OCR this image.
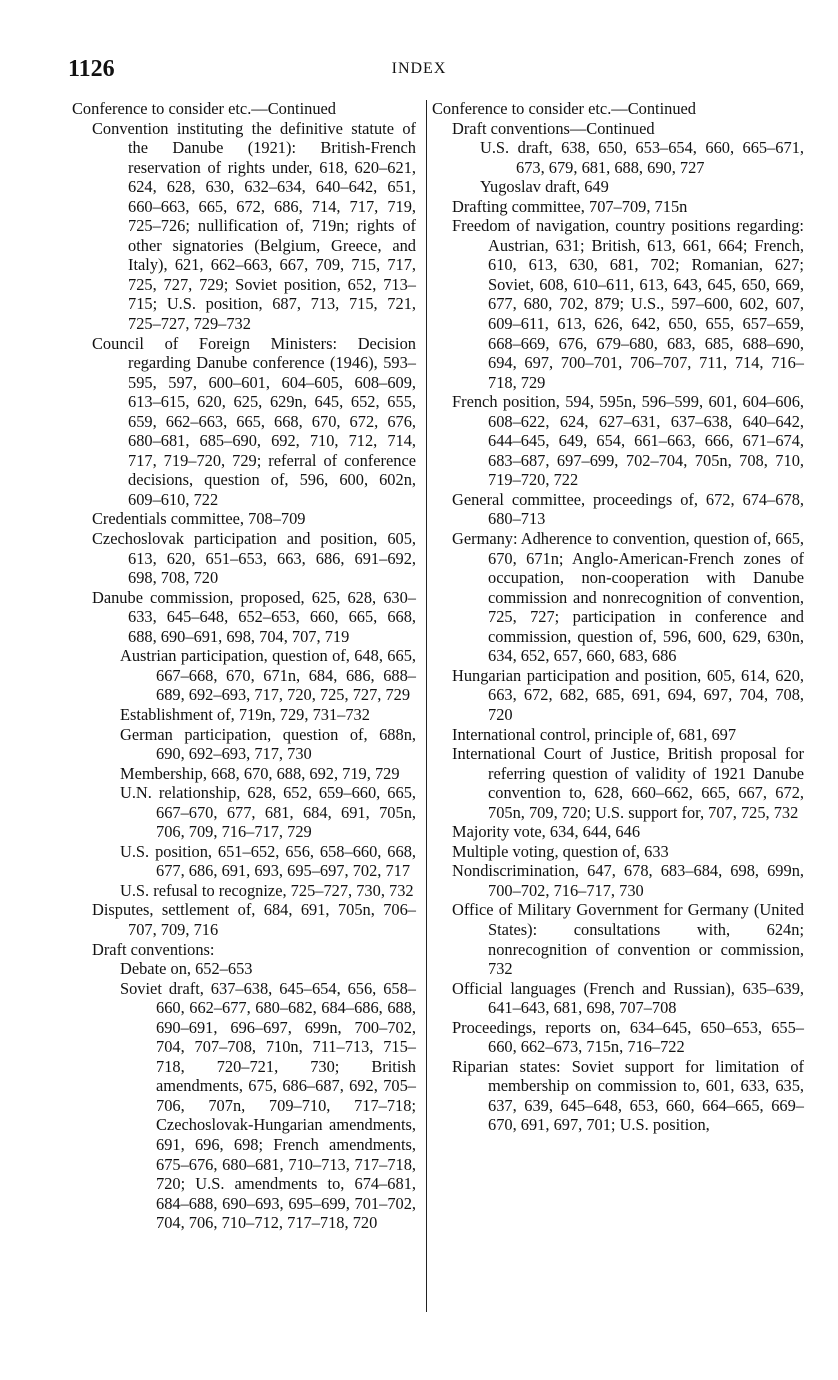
1126	INDEX
Conference to consider etc.—Continued
Convention instituting the definitive statute of the Danube (1921): British-French reservation of rights under, 618, 620–621, 624, 628, 630, 632–634, 640–642, 651, 660–663, 665, 672, 686, 714, 717, 719, 725–726; nullification of, 719n; rights of other signatories (Belgium, Greece, and Italy), 621, 662–663, 667, 709, 715, 717, 725, 727, 729; Soviet position, 652, 713–715; U.S. position, 687, 713, 715, 721, 725–727, 729–732
Council of Foreign Ministers: Decision regarding Danube conference (1946), 593–595, 597, 600–601, 604–605, 608–609, 613–615, 620, 625, 629n, 645, 652, 655, 659, 662–663, 665, 668, 670, 672, 676, 680–681, 685–690, 692, 710, 712, 714, 717, 719–720, 729; referral of conference decisions, question of, 596, 600, 602n, 609–610, 722
Credentials committee, 708–709
Czechoslovak participation and position, 605, 613, 620, 651–653, 663, 686, 691–692, 698, 708, 720
Danube commission, proposed, 625, 628, 630–633, 645–648, 652–653, 660, 665, 668, 688, 690–691, 698, 704, 707, 719
Austrian participation, question of, 648, 665, 667–668, 670, 671n, 684, 686, 688–689, 692–693, 717, 720, 725, 727, 729
Establishment of, 719n, 729, 731–732
German participation, question of, 688n, 690, 692–693, 717, 730
Membership, 668, 670, 688, 692, 719, 729
U.N. relationship, 628, 652, 659–660, 665, 667–670, 677, 681, 684, 691, 705n, 706, 709, 716–717, 729
U.S. position, 651–652, 656, 658–660, 668, 677, 686, 691, 693, 695–697, 702, 717
U.S. refusal to recognize, 725–727, 730, 732
Disputes, settlement of, 684, 691, 705n, 706–707, 709, 716
Draft conventions:
Debate on, 652–653
Soviet draft, 637–638, 645–654, 656, 658–660, 662–677, 680–682, 684–686, 688, 690–691, 696–697, 699n, 700–702, 704, 707–708, 710n, 711–713, 715–718, 720–721, 730; British amendments, 675, 686–687, 692, 705–706, 707n, 709–710, 717–718; Czechoslovak-Hungarian amendments, 691, 696, 698; French amendments, 675–676, 680–681, 710–713, 717–718, 720; U.S. amendments to, 674–681, 684–688, 690–693, 695–699, 701–702, 704, 706, 710–712, 717–718, 720
Conference to consider etc.—Continued
Draft conventions—Continued
U.S. draft, 638, 650, 653–654, 660, 665–671, 673, 679, 681, 688, 690, 727
Yugoslav draft, 649
Drafting committee, 707–709, 715n
Freedom of navigation, country positions regarding: Austrian, 631; British, 613, 661, 664; French, 610, 613, 630, 681, 702; Romanian, 627; Soviet, 608, 610–611, 613, 643, 645, 650, 669, 677, 680, 702, 879; U.S., 597–600, 602, 607, 609–611, 613, 626, 642, 650, 655, 657–659, 668–669, 676, 679–680, 683, 685, 688–690, 694, 697, 700–701, 706–707, 711, 714, 716–718, 729
French position, 594, 595n, 596–599, 601, 604–606, 608–622, 624, 627–631, 637–638, 640–642, 644–645, 649, 654, 661–663, 666, 671–674, 683–687, 697–699, 702–704, 705n, 708, 710, 719–720, 722
General committee, proceedings of, 672, 674–678, 680–713
Germany: Adherence to convention, question of, 665, 670, 671n; Anglo-American-French zones of occupation, non-cooperation with Danube commission and nonrecognition of convention, 725, 727; participation in conference and commission, question of, 596, 600, 629, 630n, 634, 652, 657, 660, 683, 686
Hungarian participation and position, 605, 614, 620, 663, 672, 682, 685, 691, 694, 697, 704, 708, 720
International control, principle of, 681, 697
International Court of Justice, British proposal for referring question of validity of 1921 Danube convention to, 628, 660–662, 665, 667, 672, 705n, 709, 720; U.S. support for, 707, 725, 732
Majority vote, 634, 644, 646
Multiple voting, question of, 633
Nondiscrimination, 647, 678, 683–684, 698, 699n, 700–702, 716–717, 730
Office of Military Government for Germany (United States): consultations with, 624n; nonrecognition of convention or commission, 732
Official languages (French and Russian), 635–639, 641–643, 681, 698, 707–708
Proceedings, reports on, 634–645, 650–653, 655–660, 662–673, 715n, 716–722
Riparian states: Soviet support for limitation of membership on commission to, 601, 633, 635, 637, 639, 645–648, 653, 660, 664–665, 669–670, 691, 697, 701; U.S. position,
